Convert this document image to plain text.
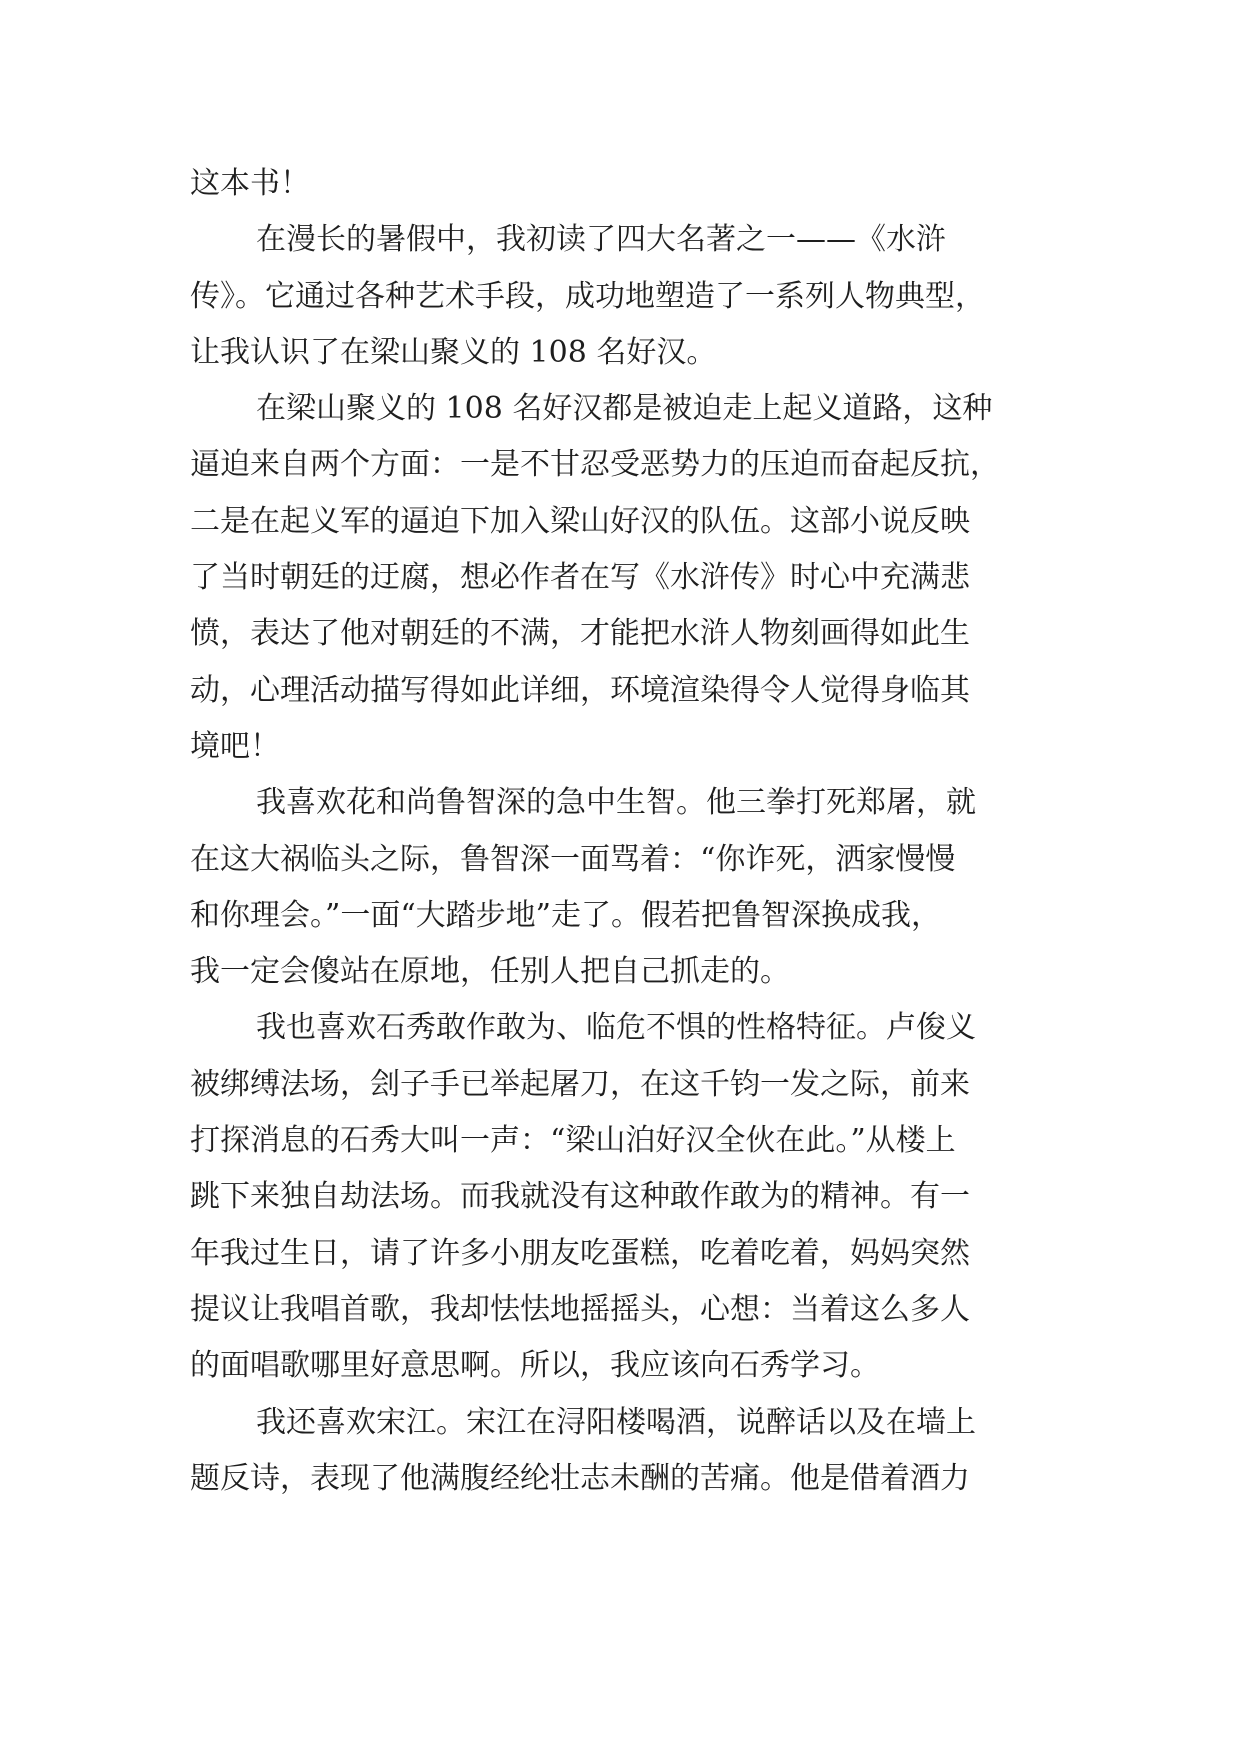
这本书！
在漫长的暑假中，我初读了四大名著之一——《水浒
传》。它通过各种艺术手段，成功地塑造了一系列人物典型，
让我认识了在梁山聚义的 108 名好汉。
在梁山聚义的 108 名好汉都是被迫走上起义道路，这种
逼迫来自两个方面：一是不甘忍受恶势力的压迫而奋起反抗，
二是在起义军的逼迫下加入梁山好汉的队伍。这部小说反映
了当时朝廷的迂腐，想必作者在写《水浒传》时心中充满悲
愤，表达了他对朝廷的不满，才能把水浒人物刻画得如此生
动，心理活动描写得如此详细，环境渲染得令人觉得身临其
境吧！
我喜欢花和尚鲁智深的急中生智。他三拳打死郑屠，就
在这大祸临头之际，鲁智深一面骂着：“你诈死，洒家慢慢
和你理会。”一面“大踏步地”走了。假若把鲁智深换成我，
我一定会傻站在原地，任别人把自己抓走的。
我也喜欢石秀敢作敢为、临危不惧的性格特征。卢俊义
被绑缚法场，刽子手已举起屠刀，在这千钧一发之际，前来
打探消息的石秀大叫一声：“梁山泊好汉全伙在此。”从楼上
跳下来独自劫法场。而我就没有这种敢作敢为的精神。有一
年我过生日，请了许多小朋友吃蛋糕，吃着吃着，妈妈突然
提议让我唱首歌，我却怯怯地摇摇头，心想：当着这么多人
的面唱歌哪里好意思啊。所以，我应该向石秀学习。
我还喜欢宋江。宋江在浔阳楼喝酒，说醉话以及在墙上
题反诗，表现了他满腹经纶壮志未酬的苦痛。他是借着酒力
